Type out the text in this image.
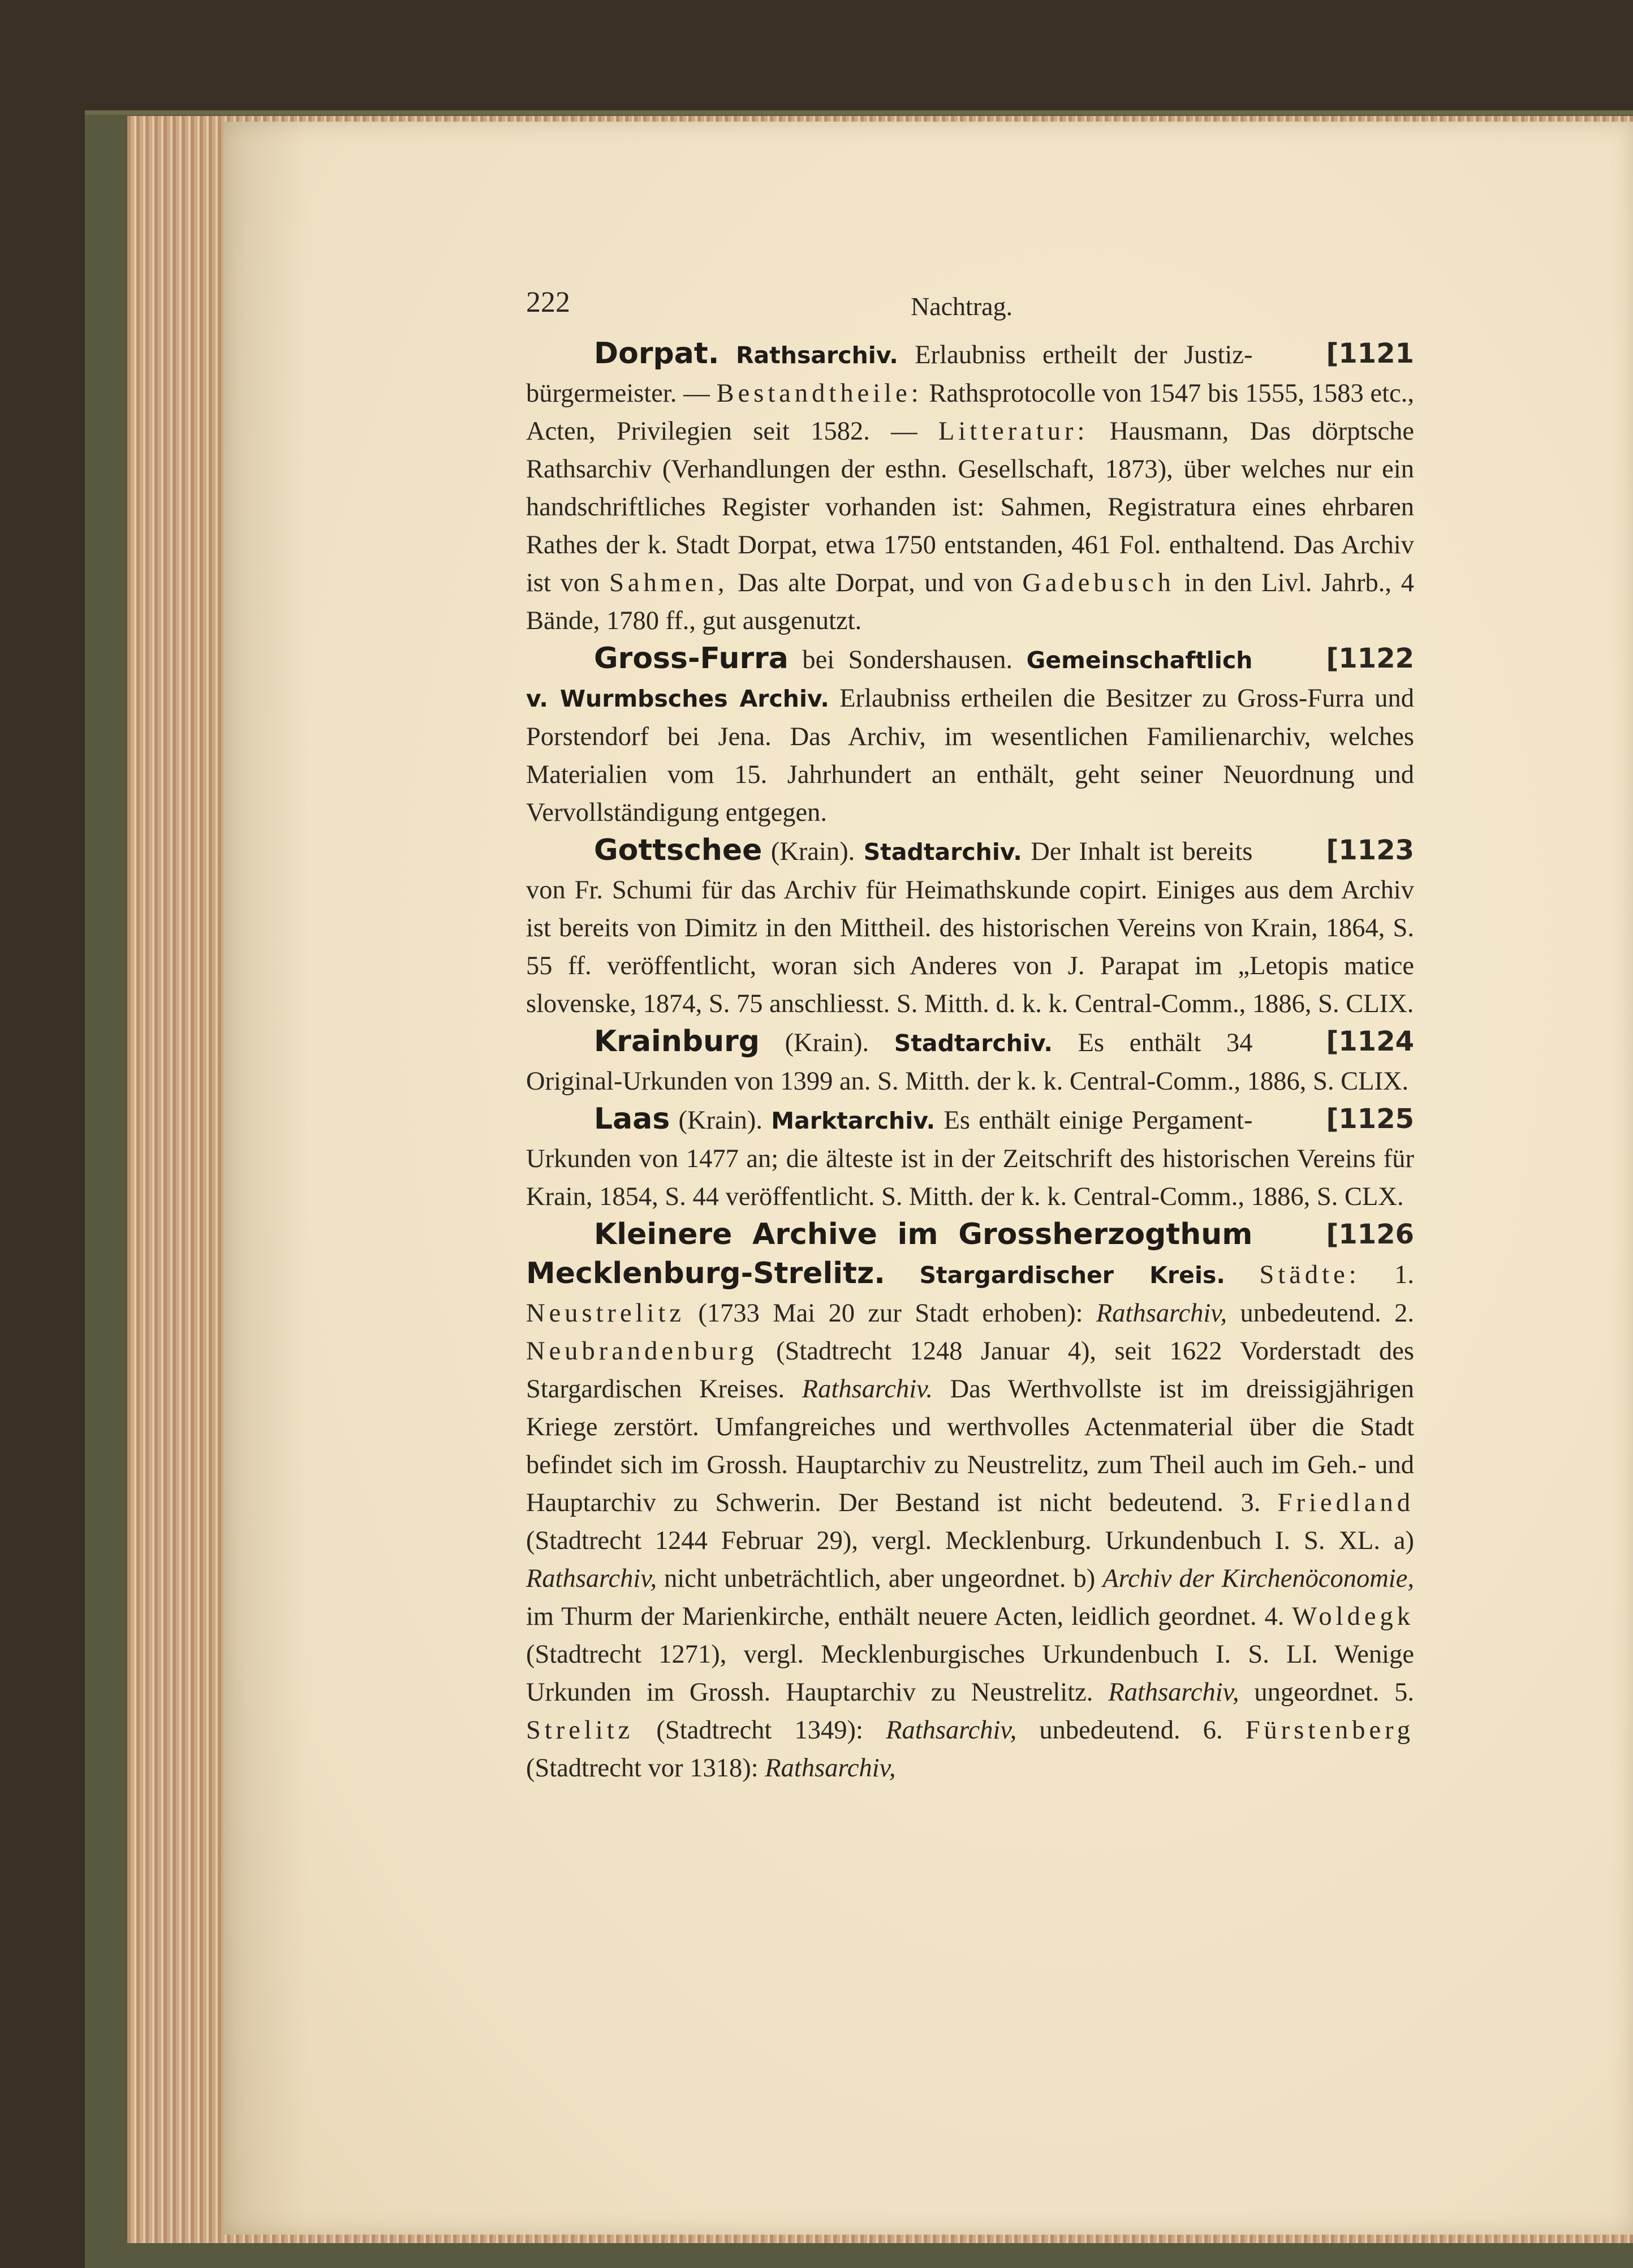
222	Nachtrag.

[1121
Dorpat. Rathsarchiv. Erlaubniss ertheilt der Justiz-bürgermeister. — Bestandtheile: Rathsprotocolle von 1547 bis 1555, 1583 etc., Acten, Privilegien seit 1582. — Litteratur: Hausmann, Das dörptsche Rathsarchiv (Verhandlungen der esthn. Gesellschaft, 1873), über welches nur ein handschriftliches Register vorhanden ist: Sahmen, Registratura eines ehrbaren Rathes der k. Stadt Dorpat, etwa 1750 entstanden, 461 Fol. enthaltend. Das Archiv ist von Sahmen, Das alte Dorpat, und von Gadebusch in den Livl. Jahrb., 4 Bände, 1780 ff., gut ausgenutzt.

[1122
Gross-Furra bei Sondershausen. Gemeinschaftlich v. Wurmbsches Archiv. Erlaubniss ertheilen die Besitzer zu Gross-Furra und Porstendorf bei Jena. Das Archiv, im wesentlichen Familienarchiv, welches Materialien vom 15. Jahrhundert an enthält, geht seiner Neuordnung und Vervollständigung entgegen.

[1123
Gottschee (Krain). Stadtarchiv. Der Inhalt ist bereits von Fr. Schumi für das Archiv für Heimathskunde copirt. Einiges aus dem Archiv ist bereits von Dimitz in den Mittheil. des historischen Vereins von Krain, 1864, S. 55 ff. veröffentlicht, woran sich Anderes von J. Parapat im „Letopis matice slovenske, 1874, S. 75 anschliesst. S. Mitth. d. k. k. Central-Comm., 1886, S. CLIX.

[1124
Krainburg (Krain). Stadtarchiv. Es enthält 34 Original-Urkunden von 1399 an. S. Mitth. der k. k. Central-Comm., 1886, S. CLIX.

[1125
Laas (Krain). Marktarchiv. Es enthält einige Pergament-Urkunden von 1477 an; die älteste ist in der Zeitschrift des historischen Vereins für Krain, 1854, S. 44 veröffentlicht. S. Mitth. der k. k. Central-Comm., 1886, S. CLX.

[1126
Kleinere Archive im Grossherzogthum Mecklenburg-Strelitz. Stargardischer Kreis. Städte: 1. Neustrelitz (1733 Mai 20 zur Stadt erhoben): Rathsarchiv, unbedeutend. 2. Neubrandenburg (Stadtrecht 1248 Januar 4), seit 1622 Vorderstadt des Stargardischen Kreises. Rathsarchiv. Das Werthvollste ist im dreissigjährigen Kriege zerstört. Umfangreiches und werthvolles Actenmaterial über die Stadt befindet sich im Grossh. Hauptarchiv zu Neustrelitz, zum Theil auch im Geh.- und Hauptarchiv zu Schwerin. Der Bestand ist nicht bedeutend. 3. Friedland (Stadtrecht 1244 Februar 29), vergl. Mecklenburg. Urkundenbuch I. S. XL. a) Rathsarchiv, nicht unbeträchtlich, aber ungeordnet. b) Archiv der Kirchenöconomie, im Thurm der Marienkirche, enthält neuere Acten, leidlich geordnet. 4. Woldegk (Stadtrecht 1271), vergl. Mecklenburgisches Urkundenbuch I. S. LI. Wenige Urkunden im Grossh. Hauptarchiv zu Neustrelitz. Rathsarchiv, ungeordnet. 5. Strelitz (Stadtrecht 1349): Rathsarchiv, unbedeutend. 6. Fürstenberg (Stadtrecht vor 1318): Rathsarchiv,
